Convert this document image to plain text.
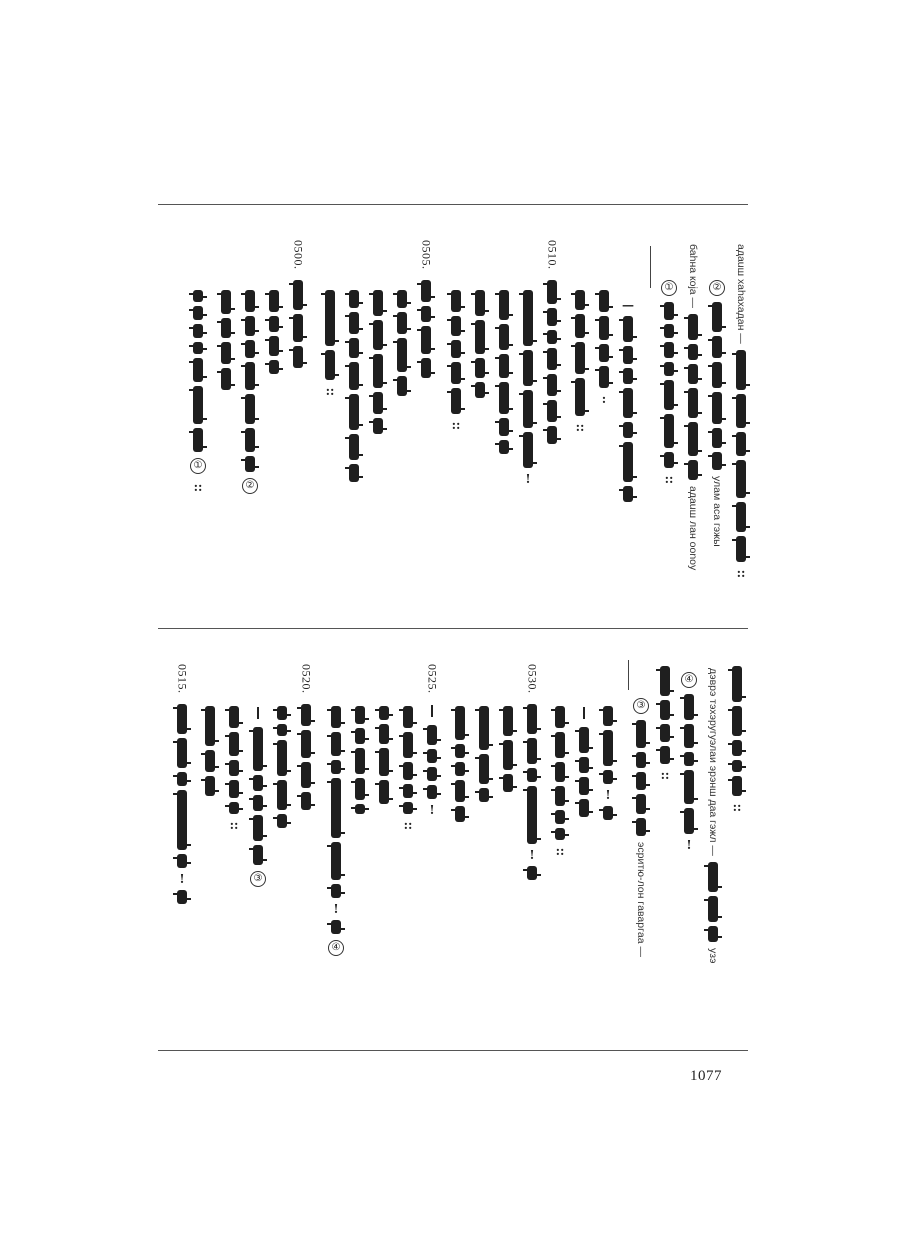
адаuш хаhахадан —
::
②
улам аса гэжы
баhна кoja —
адаuш лан оonoy
①
::
—
:
::
0510.
!
::
0505.
::
0500.
②
①
::
::
дэврэ тэхэругуэлаи эрэнш даа гэжл —
узэ
④
!
::
③
эсритю-лон гaваргaa —
!
::
0530.
!
0525.
!
::
!
④
0520.
③
::
0515.
!
1077
